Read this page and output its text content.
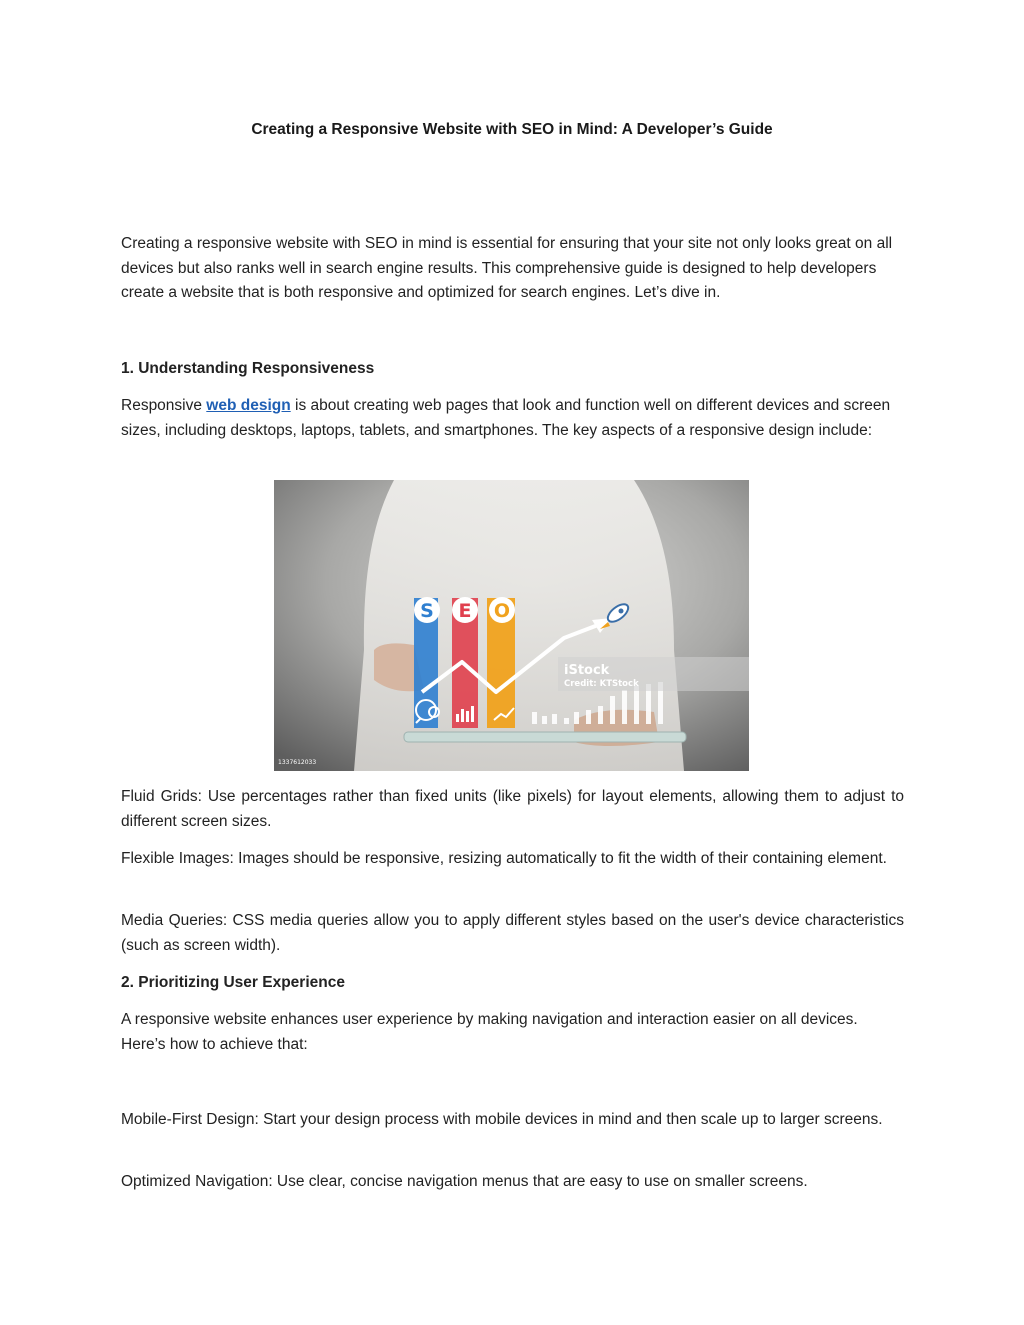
Creating a Responsive Website with SEO in Mind: A Developer’s Guide

Creating a responsive website with SEO in mind is essential for ensuring that your site not only looks great on all devices but also ranks well in search engine results. This comprehensive guide is designed to help developers create a website that is both responsive and optimized for search engines. Let’s dive in.

1. Understanding Responsiveness

Responsive web design is about creating web pages that look and function well on different devices and screen sizes, including desktops, laptops, tablets, and smartphones. The key aspects of a responsive design include:

S E O
iStock
Credit: KTStock
1337612033

Fluid Grids: Use percentages rather than fixed units (like pixels) for layout elements, allowing them to adjust to different screen sizes.

Flexible Images: Images should be responsive, resizing automatically to fit the width of their containing element.

Media Queries: CSS media queries allow you to apply different styles based on the user's device characteristics (such as screen width).

2. Prioritizing User Experience

A responsive website enhances user experience by making navigation and interaction easier on all devices. Here’s how to achieve that:

Mobile-First Design: Start your design process with mobile devices in mind and then scale up to larger screens.

Optimized Navigation: Use clear, concise navigation menus that are easy to use on smaller screens.
